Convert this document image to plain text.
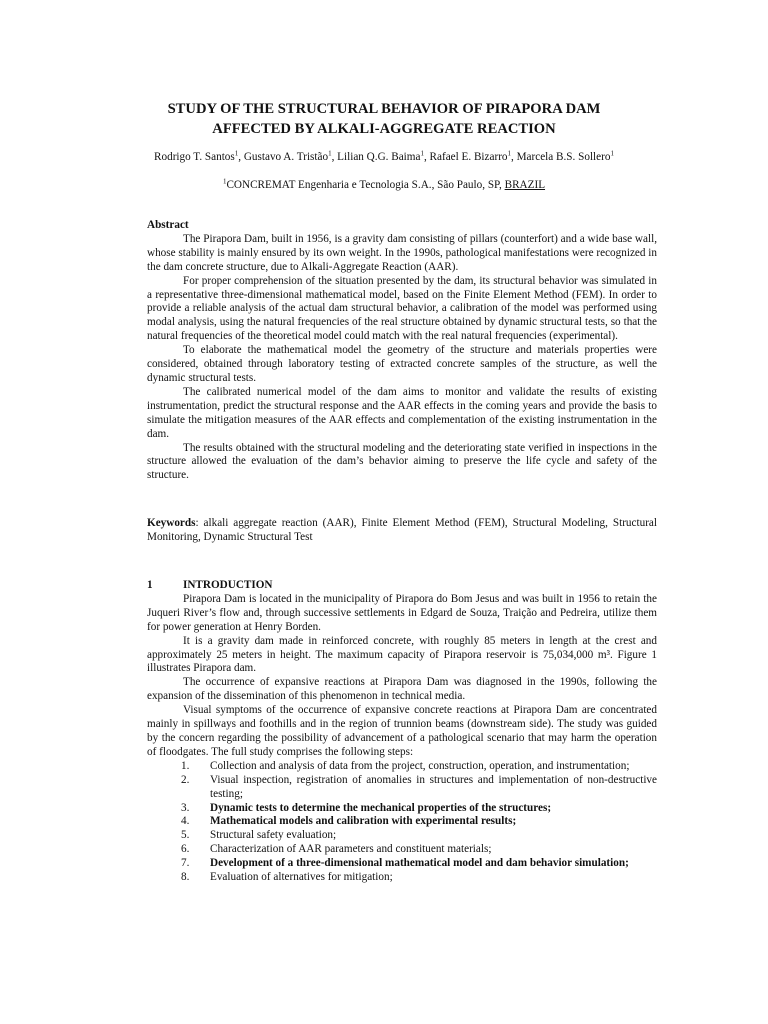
STUDY OF THE STRUCTURAL BEHAVIOR OF PIRAPORA DAM
AFFECTED BY ALKALI-AGGREGATE REACTION
Rodrigo T. Santos$^1$, Gustavo A. Tristão$^1$, Lilian Q.G. Baima$^1$, Rafael E. Bizarro$^1$, Marcela B.S. Sollero$^1$
$^1$CONCREMAT Engenharia e Tecnologia S.A., São Paulo, SP, BRAZIL
Abstract

The Pirapora Dam, built in 1956, is a gravity dam consisting of pillars (counterfort) and a wide base wall, whose stability is mainly ensured by its own weight. In the 1990s, pathological manifestations were recognized in the dam concrete structure, due to Alkali-Aggregate Reaction (AAR).

For proper comprehension of the situation presented by the dam, its structural behavior was simulated in a representative three-dimensional mathematical model, based on the Finite Element Method (FEM). In order to provide a reliable analysis of the actual dam structural behavior, a calibration of the model was performed using modal analysis, using the natural frequencies of the real structure obtained by dynamic structural tests, so that the natural frequencies of the theoretical model could match with the real natural frequencies (experimental).

To elaborate the mathematical model the geometry of the structure and materials properties were considered, obtained through laboratory testing of extracted concrete samples of the structure, as well the dynamic structural tests.

The calibrated numerical model of the dam aims to monitor and validate the results of existing instrumentation, predict the structural response and the AAR effects in the coming years and provide the basis to simulate the mitigation measures of the AAR effects and complementation of the existing instrumentation in the dam.

The results obtained with the structural modeling and the deteriorating state verified in inspections in the structure allowed the evaluation of the dam’s behavior aiming to preserve the life cycle and safety of the structure.

Keywords: alkali aggregate reaction (AAR), Finite Element Method (FEM), Structural Modeling, Structural Monitoring, Dynamic Structural Test

1	INTRODUCTION

Pirapora Dam is located in the municipality of Pirapora do Bom Jesus and was built in 1956 to retain the Juqueri River’s flow and, through successive settlements in Edgard de Souza, Traição and Pedreira, utilize them for power generation at Henry Borden.

It is a gravity dam made in reinforced concrete, with roughly 85 meters in length at the crest and approximately 25 meters in height. The maximum capacity of Pirapora reservoir is 75,034,000 m³. Figure 1 illustrates Pirapora dam.

The occurrence of expansive reactions at Pirapora Dam was diagnosed in the 1990s, following the expansion of the dissemination of this phenomenon in technical media.

Visual symptoms of the occurrence of expansive concrete reactions at Pirapora Dam are concentrated mainly in spillways and foothills and in the region of trunnion beams (downstream side). The study was guided by the concern regarding the possibility of advancement of a pathological scenario that may harm the operation of floodgates. The full study comprises the following steps:

1.	Collection and analysis of data from the project, construction, operation, and instrumentation;
2.	Visual inspection, registration of anomalies in structures and implementation of non-destructive testing;
3.	Dynamic tests to determine the mechanical properties of the structures;
4.	Mathematical models and calibration with experimental results;
5.	Structural safety evaluation;
6.	Characterization of AAR parameters and constituent materials;
7.	Development of a three-dimensional mathematical model and dam behavior simulation;
8.	Evaluation of alternatives for mitigation;
